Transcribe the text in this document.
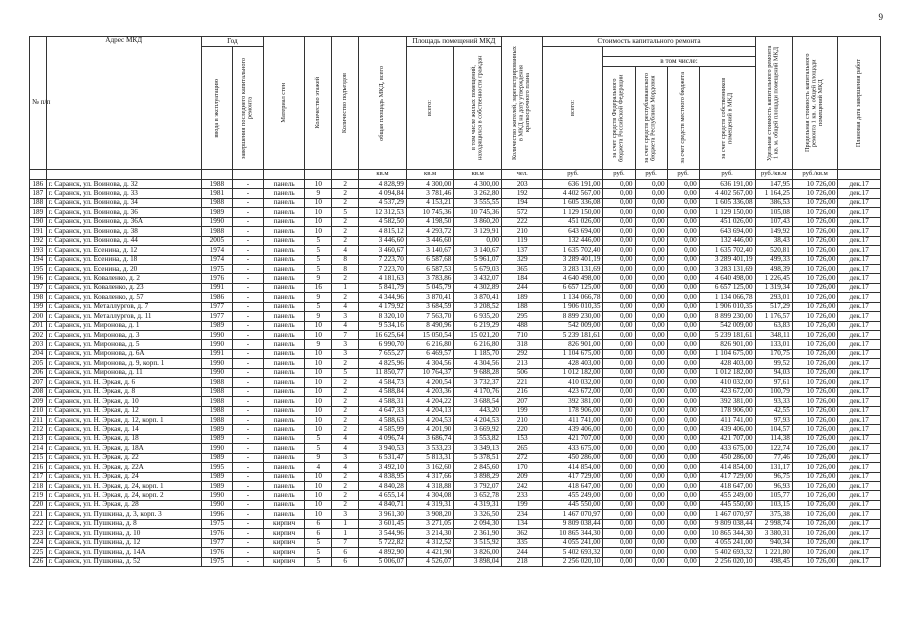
9
№ п/п	Адрес МКД	Год		Материал стен	Количество этажей	Количество подъездов	общая площадь МКД, всего	Площадь помещений МКД		Количество жителей, зарегистрированных в МКД на дату утверждения краткосрочного плана	Стоимость капитального ремонта					Удельная стоимость капитального ремонта 1 кв. м. общей площади помещений МКД	Предельная стоимость капитального ремонта 1 кв. м. общей площади помещений МКД	Плановая дата завершения работ

		ввода в эксплуатацию	завершения последнего капитального ремонта					всего:	в том числе жилых помещений, находящихся в собственности граждан		всего:							

												в том числе:						

												за счет средств Федерального бюджета Российской Федерации	за счет средств республиканского бюджета Республики Мордовия	за счет средств местного бюджета	за счет средств собственников помещений в МКД			

							кв.м	кв.м	кв.м	чел.	руб.	руб.	руб.	руб.	руб.	руб./кв.м	руб./кв.м	
186	г. Саранск, ул. Воинова, д. 32	1988	-	панель	10	2	4 828,99	4 300,00	4 300,00	203	636 191,00	0,00	0,00	0,00	636 191,00	147,95	10 726,00	дек.17
187	г. Саранск, ул. Воинова, д. 33	1981	-	панель	9	2	4 094,84	3 781,46	3 262,80	192	4 402 567,00	0,00	0,00	0,00	4 402 567,00	1 164,25	10 726,00	дек.17
188	г. Саранск, ул. Воинова, д. 34	1988	-	панель	10	2	4 537,29	4 153,21	3 555,55	194	1 605 336,08	0,00	0,00	0,00	1 605 336,08	386,53	10 726,00	дек.17
189	г. Саранск, ул. Воинова, д. 36	1989	-	панель	10	5	12 312,53	10 745,36	10 745,36	572	1 129 150,00	0,00	0,00	0,00	1 129 150,00	105,08	10 726,00	дек.17
190	г. Саранск, ул. Воинова, д. 36А	1990	-	панель	10	2	4 582,50	4 198,50	3 860,20	222	451 026,00	0,00	0,00	0,00	451 026,00	107,43	10 726,00	дек.17
191	г. Саранск, ул. Воинова, д. 38	1988	-	панель	10	2	4 815,12	4 293,72	3 129,91	210	643 694,00	0,00	0,00	0,00	643 694,00	149,92	10 726,00	дек.17
192	г. Саранск, ул. Воинова, д. 44	2005	-	панель	5	2	3 446,60	3 446,60	0,00	119	132 446,00	0,00	0,00	0,00	132 446,00	38,43	10 726,00	дек.17
193	г. Саранск, ул. Есенина, д. 12	1974	-	панель	5	4	3 460,67	3 140,67	3 140,67	137	1 635 702,40	0,00	0,00	0,00	1 635 702,40	520,81	10 726,00	дек.17
194	г. Саранск, ул. Есенина, д. 18	1974	-	панель	5	8	7 223,70	6 587,68	5 961,07	329	3 289 401,19	0,00	0,00	0,00	3 289 401,19	499,33	10 726,00	дек.17
195	г. Саранск, ул. Есенина, д. 20	1975	-	панель	5	8	7 223,70	6 587,53	5 679,03	365	3 283 131,69	0,00	0,00	0,00	3 283 131,69	498,39	10 726,00	дек.17
196	г. Саранск, ул. Коваленко, д. 2	1976	-	панель	9	2	4 181,63	3 783,86	3 432,07	184	4 640 498,00	0,00	0,00	0,00	4 640 498,00	1 226,45	10 726,00	дек.17
197	г. Саранск, ул. Коваленко, д. 23	1991	-	панель	16	1	5 841,79	5 045,79	4 302,89	244	6 657 125,00	0,00	0,00	0,00	6 657 125,00	1 319,34	10 726,00	дек.17
198	г. Саранск, ул. Коваленко, д. 57	1986	-	панель	9	2	4 344,96	3 870,41	3 870,41	189	1 134 066,78	0,00	0,00	0,00	1 134 066,78	293,01	10 726,00	дек.17
199	г. Саранск, ул. Металлургов, д. 7	1977	-	панель	5	4	4 179,92	3 684,59	3 208,52	188	1 906 010,35	0,00	0,00	0,00	1 906 010,35	517,29	10 726,00	дек.17
200	г. Саранск, ул. Металлургов, д. 11	1977	-	панель	9	3	8 320,10	7 563,70	6 935,20	295	8 899 230,00	0,00	0,00	0,00	8 899 230,00	1 176,57	10 726,00	дек.17
201	г. Саранск, ул. Миронова, д. 1	1989	-	панель	10	4	9 534,16	8 490,96	6 219,29	488	542 009,00	0,00	0,00	0,00	542 009,00	63,83	10 726,00	дек.17
202	г. Саранск, ул. Миронова, д. 3	1990	-	панель	10	7	16 625,64	15 050,54	15 021,20	710	5 239 181,61	0,00	0,00	0,00	5 239 181,61	348,11	10 726,00	дек.17
203	г. Саранск, ул. Миронова, д. 5	1990	-	панель	9	3	6 990,70	6 216,80	6 216,80	318	826 901,00	0,00	0,00	0,00	826 901,00	133,01	10 726,00	дек.17
204	г. Саранск, ул. Миронова, д. 6А	1991	-	панель	10	3	7 655,27	6 469,57	1 185,70	292	1 104 675,00	0,00	0,00	0,00	1 104 675,00	170,75	10 726,00	дек.17
205	г. Саранск, ул. Миронова, д. 9, корп. 1	1990	-	панель	10	2	4 825,96	4 304,56	4 304,56	213	428 403,00	0,00	0,00	0,00	428 403,00	99,52	10 726,00	дек.17
206	г. Саранск, ул. Миронова, д. 11	1990	-	панель	10	5	11 850,77	10 764,37	9 688,28	506	1 012 182,00	0,00	0,00	0,00	1 012 182,00	94,03	10 726,00	дек.17
207	г. Саранск, ул. Н. Эркая, д. 6	1988	-	панель	10	2	4 584,73	4 200,54	3 732,37	221	410 032,00	0,00	0,00	0,00	410 032,00	97,61	10 726,00	дек.17
208	г. Саранск, ул. Н. Эркая, д. 8	1988	-	панель	10	2	4 588,84	4 203,36	4 170,76	216	423 672,00	0,00	0,00	0,00	423 672,00	100,79	10 726,00	дек.17
209	г. Саранск, ул. Н. Эркая, д. 10	1988	-	панель	10	2	4 588,31	4 204,22	3 688,54	207	392 381,00	0,00	0,00	0,00	392 381,00	93,33	10 726,00	дек.17
210	г. Саранск, ул. Н. Эркая, д. 12	1988	-	панель	10	2	4 647,33	4 204,13	443,20	199	178 906,00	0,00	0,00	0,00	178 906,00	42,55	10 726,00	дек.17
211	г. Саранск, ул. Н. Эркая, д. 12, корп. 1	1988	-	панель	10	2	4 588,63	4 204,53	4 204,53	210	411 741,00	0,00	0,00	0,00	411 741,00	97,93	10 726,00	дек.17
212	г. Саранск, ул. Н. Эркая, д. 14	1989	-	панель	10	2	4 585,99	4 201,90	3 669,92	220	439 406,00	0,00	0,00	0,00	439 406,00	104,57	10 726,00	дек.17
213	г. Саранск, ул. Н. Эркая, д. 18	1989	-	панель	5	4	4 096,74	3 686,74	3 553,82	153	421 707,00	0,00	0,00	0,00	421 707,00	114,38	10 726,00	дек.17
214	г. Саранск, ул. Н. Эркая, д. 18А	1990	-	панель	5	4	3 940,53	3 533,23	3 349,13	265	433 675,00	0,00	0,00	0,00	433 675,00	122,74	10 726,00	дек.17
215	г. Саранск, ул. Н. Эркая, д. 22	1989	-	панель	9	3	6 531,47	5 813,31	5 378,51	272	450 286,00	0,00	0,00	0,00	450 286,00	77,46	10 726,00	дек.17
216	г. Саранск, ул. Н. Эркая, д. 22А	1995	-	панель	4	4	3 492,10	3 162,60	2 845,60	170	414 854,00	0,00	0,00	0,00	414 854,00	131,17	10 726,00	дек.17
217	г. Саранск, ул. Н. Эркая, д. 24	1989	-	панель	10	2	4 838,95	4 317,66	3 898,29	209	417 729,00	0,00	0,00	0,00	417 729,00	96,75	10 726,00	дек.17
218	г. Саранск, ул. Н. Эркая, д. 24, корп. 1	1989	-	панель	10	2	4 840,28	4 318,88	3 792,07	242	418 647,00	0,00	0,00	0,00	418 647,00	96,93	10 726,00	дек.17
219	г. Саранск, ул. Н. Эркая, д. 24, корп. 2	1990	-	панель	10	2	4 655,14	4 304,08	3 652,78	233	455 249,00	0,00	0,00	0,00	455 249,00	105,77	10 726,00	дек.17
220	г. Саранск, ул. Н. Эркая, д. 28	1990	-	панель	10	2	4 840,71	4 319,31	4 319,31	199	445 550,00	0,00	0,00	0,00	445 550,00	103,15	10 726,00	дек.17
221	г. Саранск, ул. Пушкина, д. 3, корп. 3	1996	-	панель	10	3	3 961,30	3 908,20	3 326,50	234	1 467 070,97	0,00	0,00	0,00	1 467 070,97	375,38	10 726,00	дек.17
222	г. Саранск, ул. Пушкина, д. 8	1975	-	кирпич	6	1	3 601,45	3 271,05	2 094,30	134	9 809 038,44	0,00	0,00	0,00	9 809 038,44	2 998,74	10 726,00	дек.17
223	г. Саранск, ул. Пушкина, д. 10	1976	-	кирпич	6	1	3 544,96	3 214,30	2 361,90	362	10 865 344,30	0,00	0,00	0,00	10 865 344,30	3 380,31	10 726,00	дек.17
224	г. Саранск, ул. Пушкина, д. 12	1977	-	кирпич	5	7	5 722,82	4 312,52	3 515,92	335	4 055 241,00	0,00	0,00	0,00	4 055 241,00	940,34	10 726,00	дек.17
225	г. Саранск, ул. Пушкина, д. 14А	1976	-	кирпич	5	6	4 892,90	4 421,90	3 826,00	244	5 402 693,32	0,00	0,00	0,00	5 402 693,32	1 221,80	10 726,00	дек.17
226	г. Саранск, ул. Пушкина, д. 52	1975	-	кирпич	5	6	5 006,07	4 526,07	3 898,04	218	2 256 020,10	0,00	0,00	0,00	2 256 020,10	498,45	10 726,00	дек.17
